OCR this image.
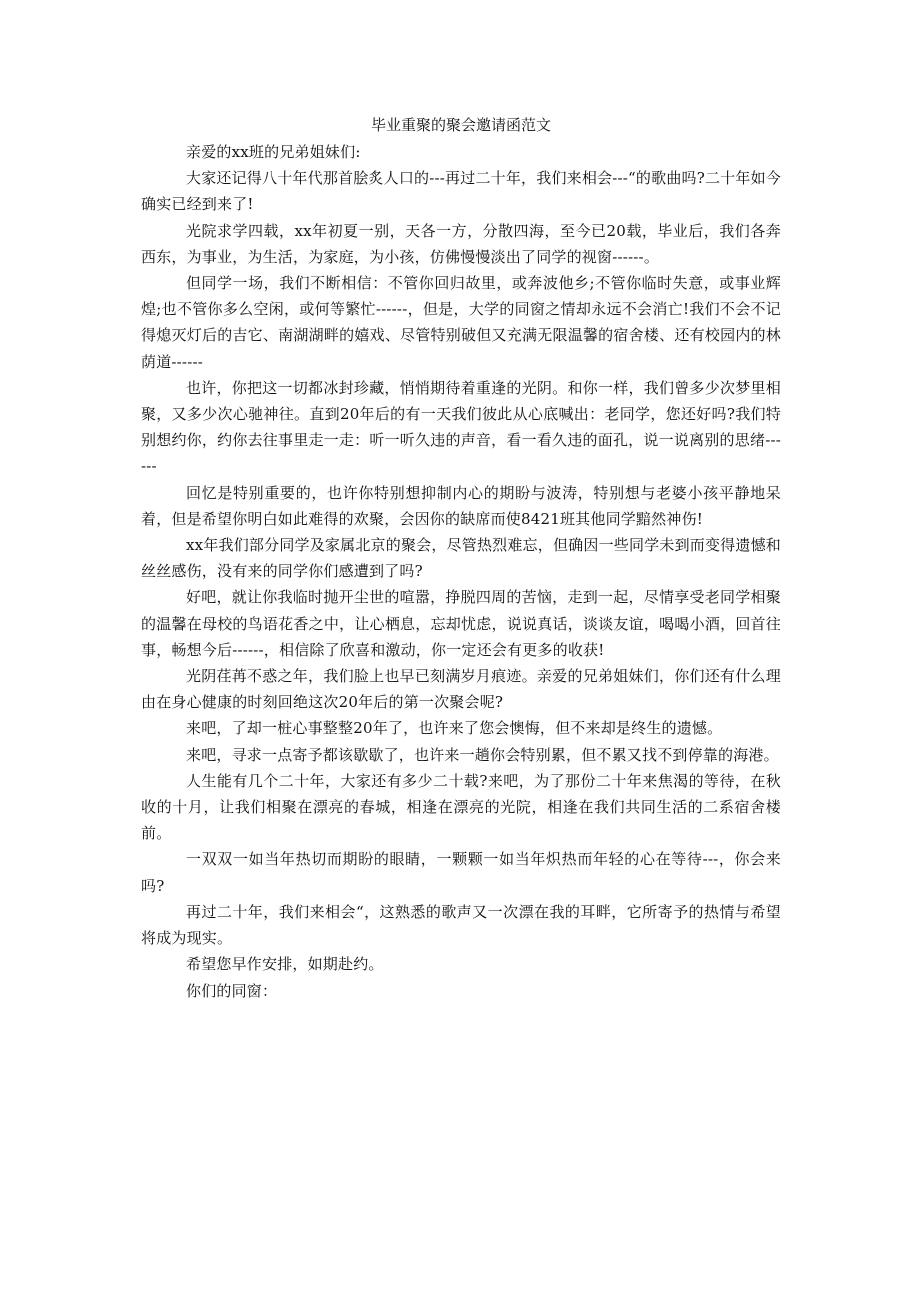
毕业重聚的聚会邀请函范文

亲爱的xx班的兄弟姐妹们:

大家还记得八十年代那首脍炙人口的---再过二十年，我们来相会---“的歌曲吗?二十年如今确实已经到来了!

光院求学四载，xx年初夏一别，天各一方，分散四海，至今已20载，毕业后，我们各奔西东，为事业，为生活，为家庭，为小孩，仿佛慢慢淡出了同学的视窗------。

但同学一场，我们不断相信：不管你回归故里，或奔波他乡;不管你临时失意，或事业辉煌;也不管你多么空闲，或何等繁忙------，但是，大学的同窗之情却永远不会消亡!我们不会不记得熄灭灯后的吉它、南湖湖畔的嬉戏、尽管特别破但又充满无限温馨的宿舍楼、还有校园内的林荫道------

也许，你把这一切都冰封珍藏，悄悄期待着重逢的光阴。和你一样，我们曾多少次梦里相聚，又多少次心驰神往。直到20年后的有一天我们彼此从心底喊出：老同学，您还好吗?我们特别想约你，约你去往事里走一走：听一听久违的声音，看一看久违的面孔，说一说离别的思绪------

回忆是特别重要的，也许你特别想抑制内心的期盼与波涛，特别想与老婆小孩平静地呆着，但是希望你明白如此难得的欢聚，会因你的缺席而使8421班其他同学黯然神伤!

xx年我们部分同学及家属北京的聚会，尽管热烈难忘，但确因一些同学未到而变得遗憾和丝丝感伤，没有来的同学你们感遭到了吗?

好吧，就让你我临时抛开尘世的喧嚣，挣脱四周的苦恼，走到一起，尽情享受老同学相聚的温馨在母校的鸟语花香之中，让心栖息，忘却忧虑，说说真话，谈谈友谊，喝喝小酒，回首往事，畅想今后------，相信除了欣喜和激动，你一定还会有更多的收获!

光阴荏苒不惑之年，我们脸上也早已刻满岁月痕迹。亲爱的兄弟姐妹们，你们还有什么理由在身心健康的时刻回绝这次20年后的第一次聚会呢?

来吧，了却一桩心事整整20年了，也许来了您会懊悔，但不来却是终生的遗憾。

来吧，寻求一点寄予都该歇歇了，也许来一趟你会特别累，但不累又找不到停靠的海港。

人生能有几个二十年，大家还有多少二十载?来吧，为了那份二十年来焦渴的等待，在秋收的十月，让我们相聚在漂亮的春城，相逢在漂亮的光院，相逢在我们共同生活的二系宿舍楼前。

一双双一如当年热切而期盼的眼睛，一颗颗一如当年炽热而年轻的心在等待---，你会来吗?

再过二十年，我们来相会“，这熟悉的歌声又一次漂在我的耳畔，它所寄予的热情与希望将成为现实。

希望您早作安排，如期赴约。

你们的同窗：
